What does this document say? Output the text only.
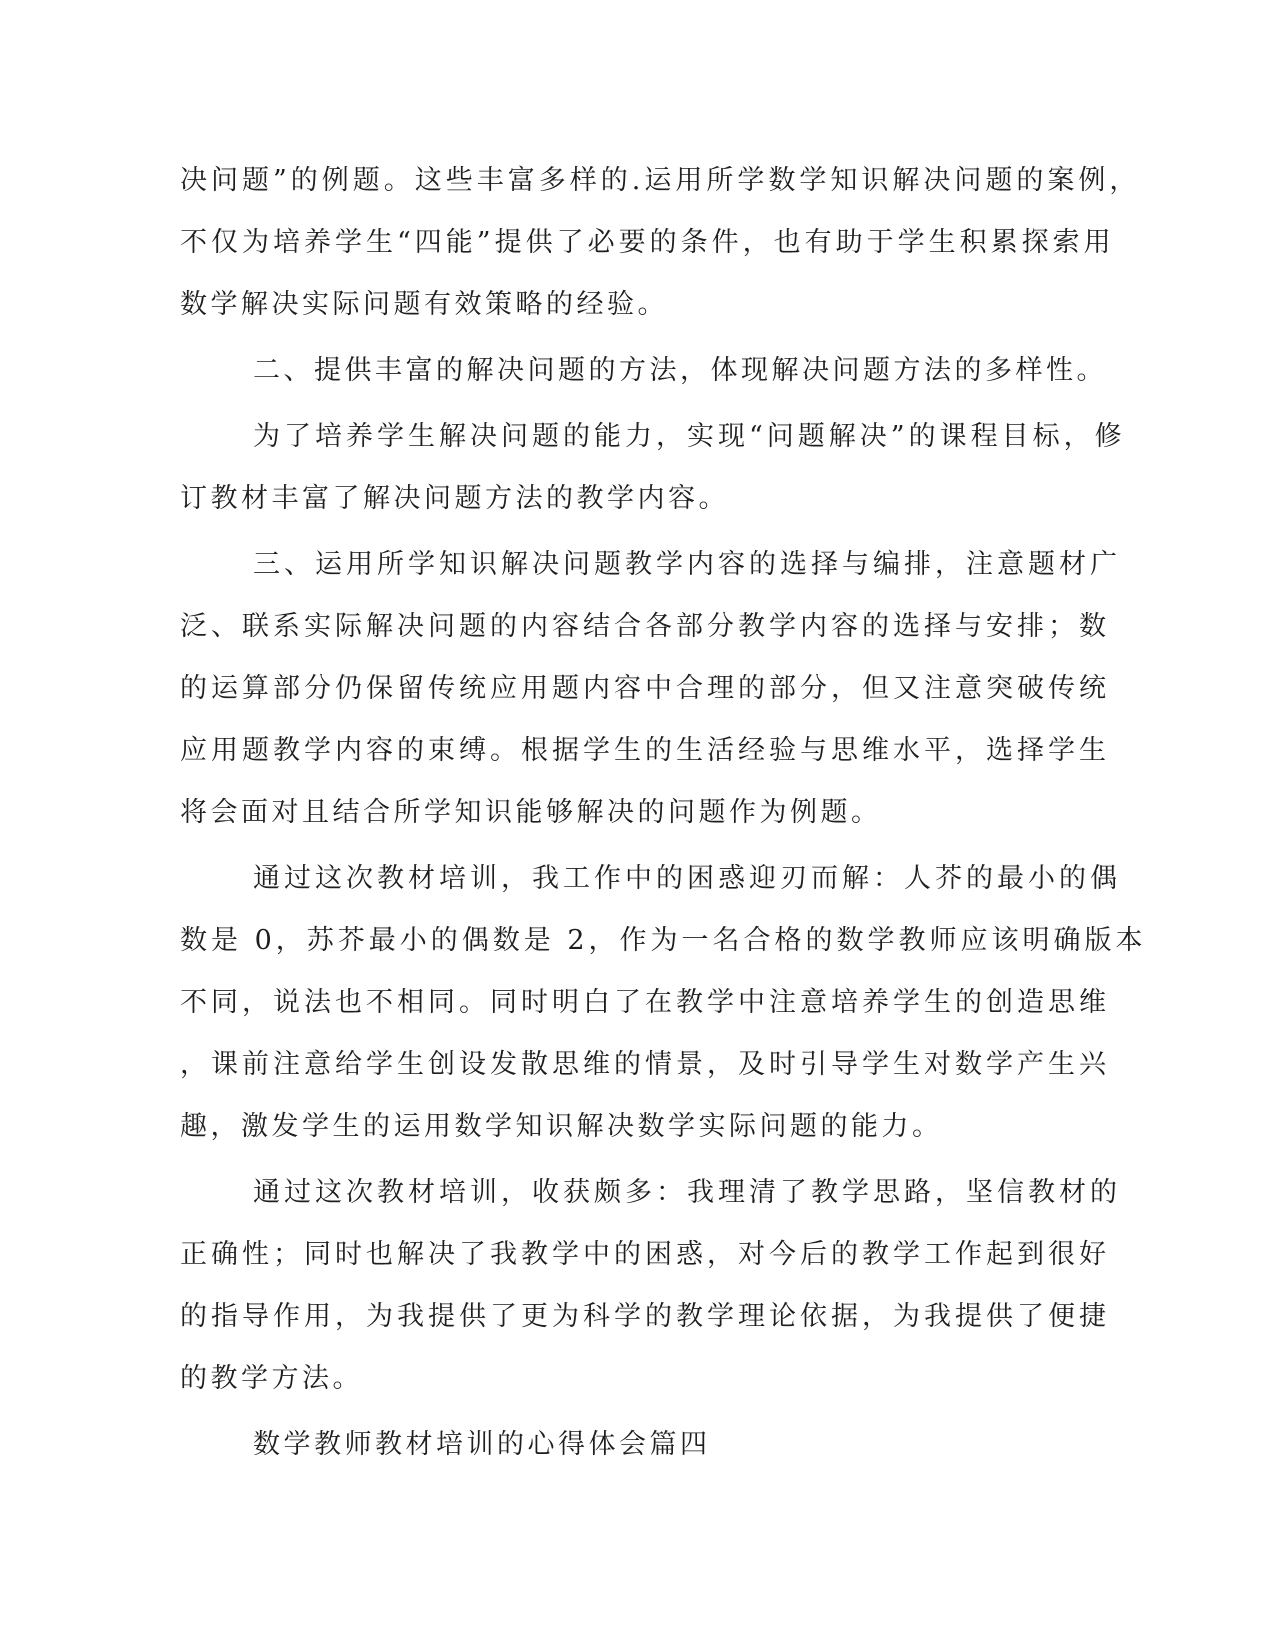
决问题”的例题。这些丰富多样的.运用所学数学知识解决问题的案例，
不仅为培养学生“四能”提供了必要的条件，也有助于学生积累探索用
数学解决实际问题有效策略的经验。
二、提供丰富的解决问题的方法，体现解决问题方法的多样性。
为了培养学生解决问题的能力，实现“问题解决”的课程目标，修
订教材丰富了解决问题方法的教学内容。
三、运用所学知识解决问题教学内容的选择与编排，注意题材广
泛、联系实际解决问题的内容结合各部分教学内容的选择与安排；数
的运算部分仍保留传统应用题内容中合理的部分，但又注意突破传统
应用题教学内容的束缚。根据学生的生活经验与思维水平，选择学生
将会面对且结合所学知识能够解决的问题作为例题。
通过这次教材培训，我工作中的困惑迎刃而解：人芥的最小的偶
数是 0，苏芥最小的偶数是 2，作为一名合格的数学教师应该明确版本
不同，说法也不相同。同时明白了在教学中注意培养学生的创造思维
，课前注意给学生创设发散思维的情景，及时引导学生对数学产生兴
趣，激发学生的运用数学知识解决数学实际问题的能力。
通过这次教材培训，收获颇多：我理清了教学思路，坚信教材的
正确性；同时也解决了我教学中的困惑，对今后的教学工作起到很好
的指导作用，为我提供了更为科学的教学理论依据，为我提供了便捷
的教学方法。
数学教师教材培训的心得体会篇四
